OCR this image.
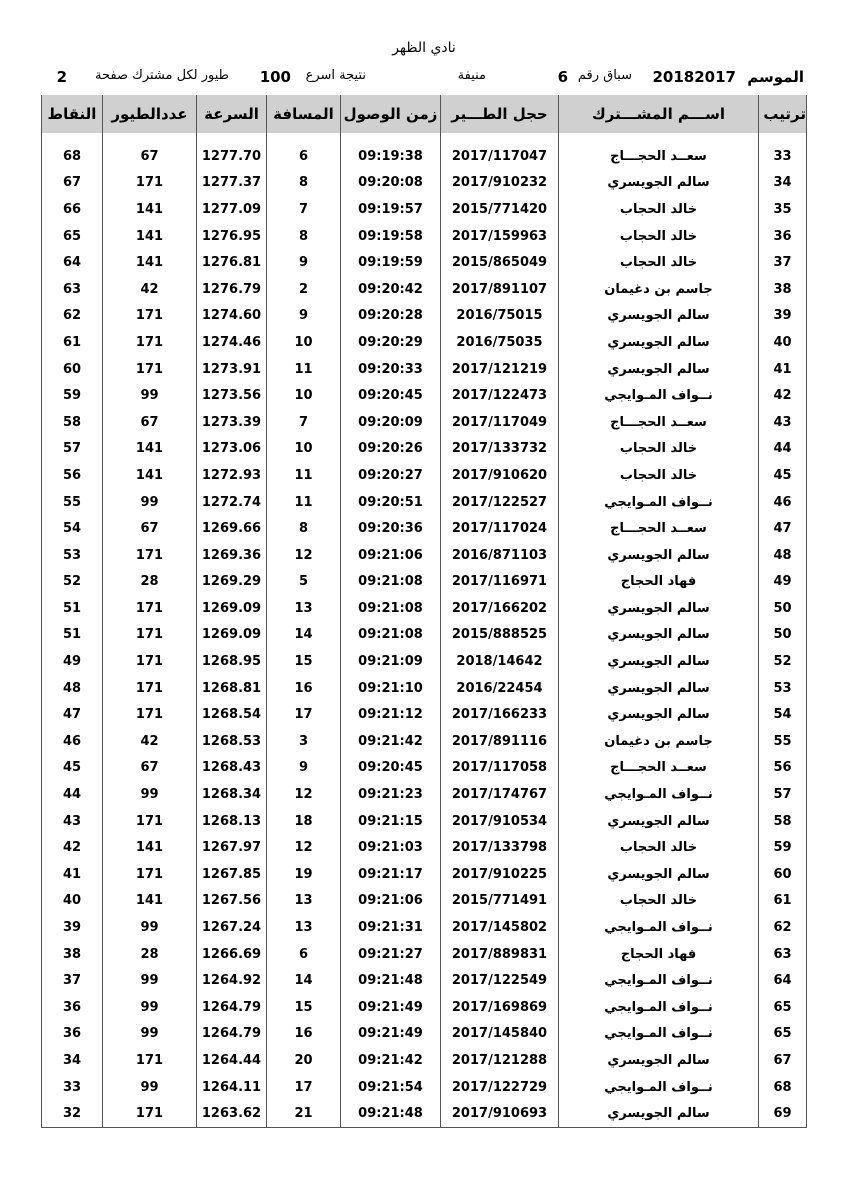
نادي الظهر
الموسم
20182017
سباق رقم
6
منيفة
نتيجة اسرع
100
طيور لكل مشترك صفحة
2
ترتيب	اســـم المشـــترك	حجل الطـــير	زمن الوصول	المسافة	السرعة	عددالطيور	النقاط

33	سعــد الحجـــاج	2017/117047	09:19:38	6	1277.70	67	68
34	سالم الجويسري	2017/910232	09:20:08	8	1277.37	171	67
35	خالد الحجاب	2015/771420	09:19:57	7	1277.09	141	66
36	خالد الحجاب	2017/159963	09:19:58	8	1276.95	141	65
37	خالد الحجاب	2015/865049	09:19:59	9	1276.81	141	64
38	جاسم بن دغيمان	2017/891107	09:20:42	2	1276.79	42	63
39	سالم الجويسري	2016/75015	09:20:28	9	1274.60	171	62
40	سالم الجويسري	2016/75035	09:20:29	10	1274.46	171	61
41	سالم الجويسري	2017/121219	09:20:33	11	1273.91	171	60
42	نــواف المـوايجي	2017/122473	09:20:45	10	1273.56	99	59
43	سعــد الحجـــاج	2017/117049	09:20:09	7	1273.39	67	58
44	خالد الحجاب	2017/133732	09:20:26	10	1273.06	141	57
45	خالد الحجاب	2017/910620	09:20:27	11	1272.93	141	56
46	نــواف المـوايجي	2017/122527	09:20:51	11	1272.74	99	55
47	سعــد الحجـــاج	2017/117024	09:20:36	8	1269.66	67	54
48	سالم الجويسري	2016/871103	09:21:06	12	1269.36	171	53
49	فهاد الحجاج	2017/116971	09:21:08	5	1269.29	28	52
50	سالم الجويسري	2017/166202	09:21:08	13	1269.09	171	51
50	سالم الجويسري	2015/888525	09:21:08	14	1269.09	171	51
52	سالم الجويسري	2018/14642	09:21:09	15	1268.95	171	49
53	سالم الجويسري	2016/22454	09:21:10	16	1268.81	171	48
54	سالم الجويسري	2017/166233	09:21:12	17	1268.54	171	47
55	جاسم بن دغيمان	2017/891116	09:21:42	3	1268.53	42	46
56	سعــد الحجـــاج	2017/117058	09:20:45	9	1268.43	67	45
57	نــواف المـوايجي	2017/174767	09:21:23	12	1268.34	99	44
58	سالم الجويسري	2017/910534	09:21:15	18	1268.13	171	43
59	خالد الحجاب	2017/133798	09:21:03	12	1267.97	141	42
60	سالم الجويسري	2017/910225	09:21:17	19	1267.85	171	41
61	خالد الحجاب	2015/771491	09:21:06	13	1267.56	141	40
62	نــواف المـوايجي	2017/145802	09:21:31	13	1267.24	99	39
63	فهاد الحجاج	2017/889831	09:21:27	6	1266.69	28	38
64	نــواف المـوايجي	2017/122549	09:21:48	14	1264.92	99	37
65	نــواف المـوايجي	2017/169869	09:21:49	15	1264.79	99	36
65	نــواف المـوايجي	2017/145840	09:21:49	16	1264.79	99	36
67	سالم الجويسري	2017/121288	09:21:42	20	1264.44	171	34
68	نــواف المـوايجي	2017/122729	09:21:54	17	1264.11	99	33
69	سالم الجويسري	2017/910693	09:21:48	21	1263.62	171	32
